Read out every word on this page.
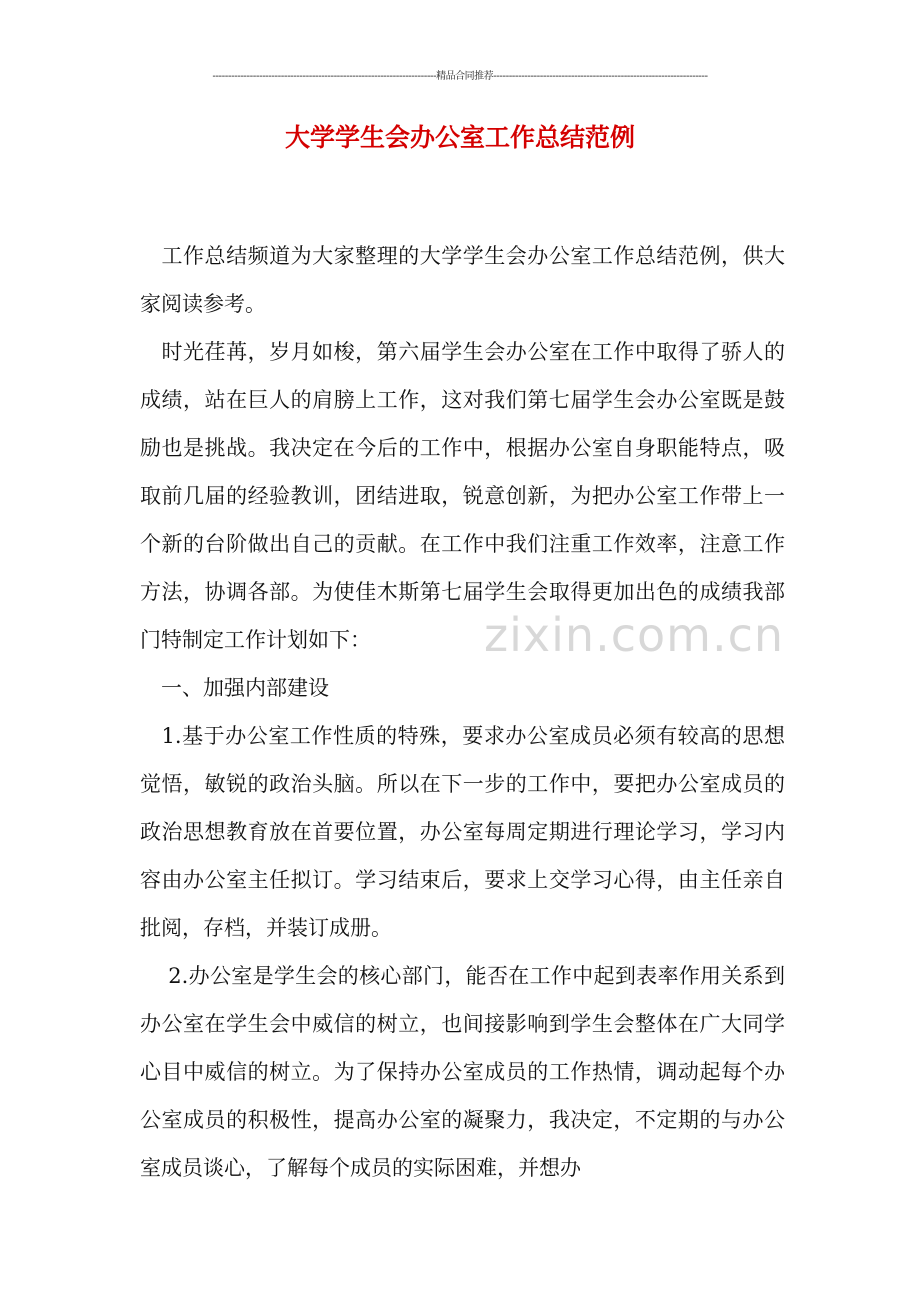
------------------------------------------------------------------------精品合同推荐---------------------------------------------------------------------
大学学生会办公室工作总结范例
zixin.com.cn
　工作总结频道为大家整理的大学学生会办公室工作总结范例，供大家阅读参考。
　时光荏苒，岁月如梭，第六届学生会办公室在工作中取得了骄人的成绩，站在巨人的肩膀上工作，这对我们第七届学生会办公室既是鼓励也是挑战。我决定在今后的工作中，根据办公室自身职能特点，吸取前几届的经验教训，团结进取，锐意创新，为把办公室工作带上一个新的台阶做出自己的贡献。在工作中我们注重工作效率，注意工作方法，协调各部。为使佳木斯第七届学生会取得更加出色的成绩我部门特制定工作计划如下：
　一、加强内部建设
　1.基于办公室工作性质的特殊，要求办公室成员必须有较高的思想觉悟，敏锐的政治头脑。所以在下一步的工作中，要把办公室成员的政治思想教育放在首要位置，办公室每周定期进行理论学习，学习内容由办公室主任拟订。学习结束后，要求上交学习心得，由主任亲自批阅，存档，并装订成册。
　 2.办公室是学生会的核心部门，能否在工作中起到表率作用关系到办公室在学生会中威信的树立，也间接影响到学生会整体在广大同学心目中威信的树立。为了保持办公室成员的工作热情，调动起每个办公室成员的积极性，提高办公室的凝聚力，我决定，不定期的与办公室成员谈心，了解每个成员的实际困难，并想办
